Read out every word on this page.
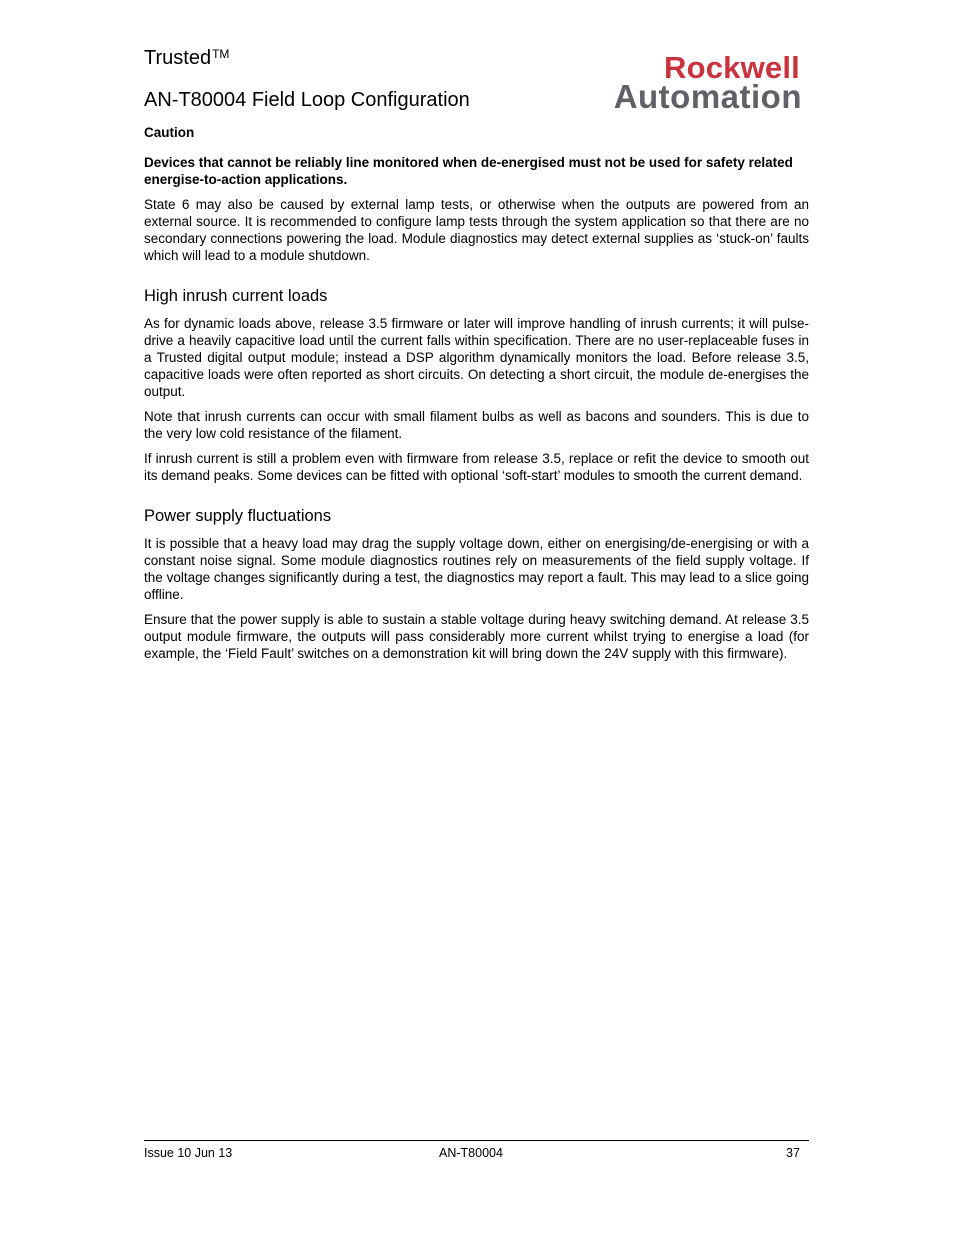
Trusted™
AN-T80004 Field Loop Configuration
Rockwell
Automation

Caution

Devices that cannot be reliably line monitored when de-energised must not be used for safety related energise-to-action applications.

State 6 may also be caused by external lamp tests, or otherwise when the outputs are powered from an external source. It is recommended to configure lamp tests through the system application so that there are no secondary connections powering the load. Module diagnostics may detect external supplies as ‘stuck-on’ faults which will lead to a module shutdown.

High inrush current loads

As for dynamic loads above, release 3.5 firmware or later will improve handling of inrush currents; it will pulse-drive a heavily capacitive load until the current falls within specification. There are no user-replaceable fuses in a Trusted digital output module; instead a DSP algorithm dynamically monitors the load. Before release 3.5, capacitive loads were often reported as short circuits. On detecting a short circuit, the module de-energises the output.

Note that inrush currents can occur with small filament bulbs as well as bacons and sounders. This is due to the very low cold resistance of the filament.

If inrush current is still a problem even with firmware from release 3.5, replace or refit the device to smooth out its demand peaks. Some devices can be fitted with optional ‘soft-start’ modules to smooth the current demand.

Power supply fluctuations

It is possible that a heavy load may drag the supply voltage down, either on energising/de-energising or with a constant noise signal. Some module diagnostics routines rely on measurements of the field supply voltage. If the voltage changes significantly during a test, the diagnostics may report a fault. This may lead to a slice going offline.

Ensure that the power supply is able to sustain a stable voltage during heavy switching demand. At release 3.5 output module firmware, the outputs will pass considerably more current whilst trying to energise a load (for example, the ‘Field Fault’ switches on a demonstration kit will bring down the 24V supply with this firmware).

Issue 10 Jun 13	AN-T80004	37
